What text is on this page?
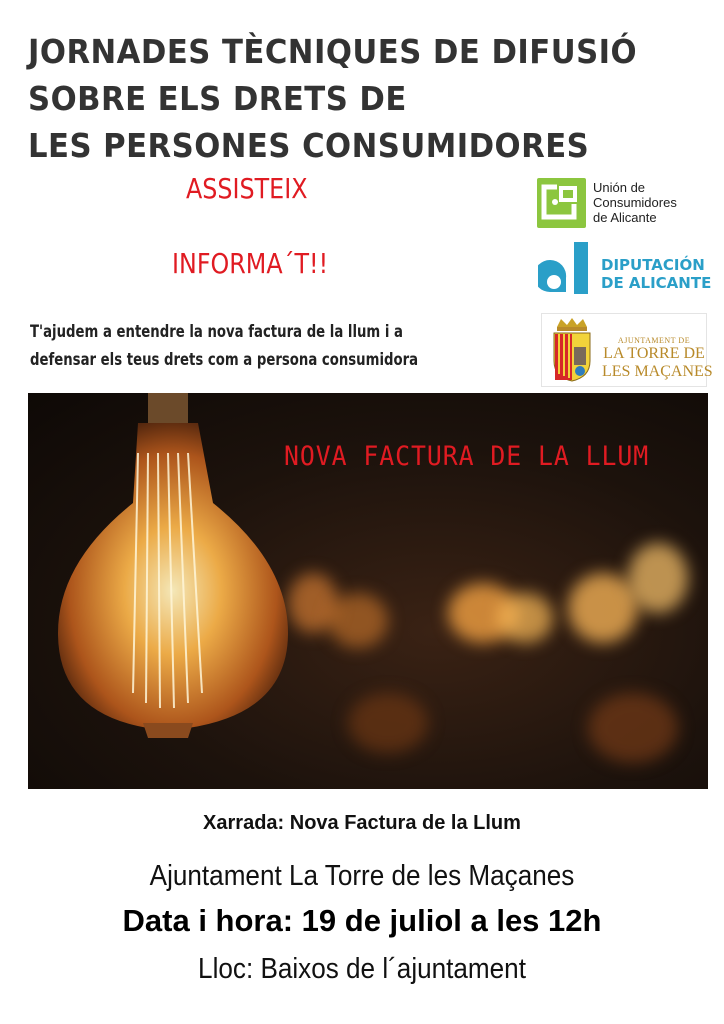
JORNADES TÈCNIQUES DE DIFUSIÓ
SOBRE ELS DRETS DE
LES PERSONES CONSUMIDORES
ASSISTEIX
INFORMA´T!!
T'ajudem a entendre la nova factura de la llum i a
defensar els teus drets com a persona consumidora
Unión de
Consumidores
de Alicante
DIPUTACIÓN
DE ALICANTE
AJUNTAMENT DE
LA TORRE DE
LES MAÇANES
NOVA FACTURA DE LA LLUM
Xarrada: Nova Factura de la Llum
Ajuntament La Torre de les Maçanes
Data i hora: 19 de juliol a les 12h
Lloc: Baixos de l´ajuntament
